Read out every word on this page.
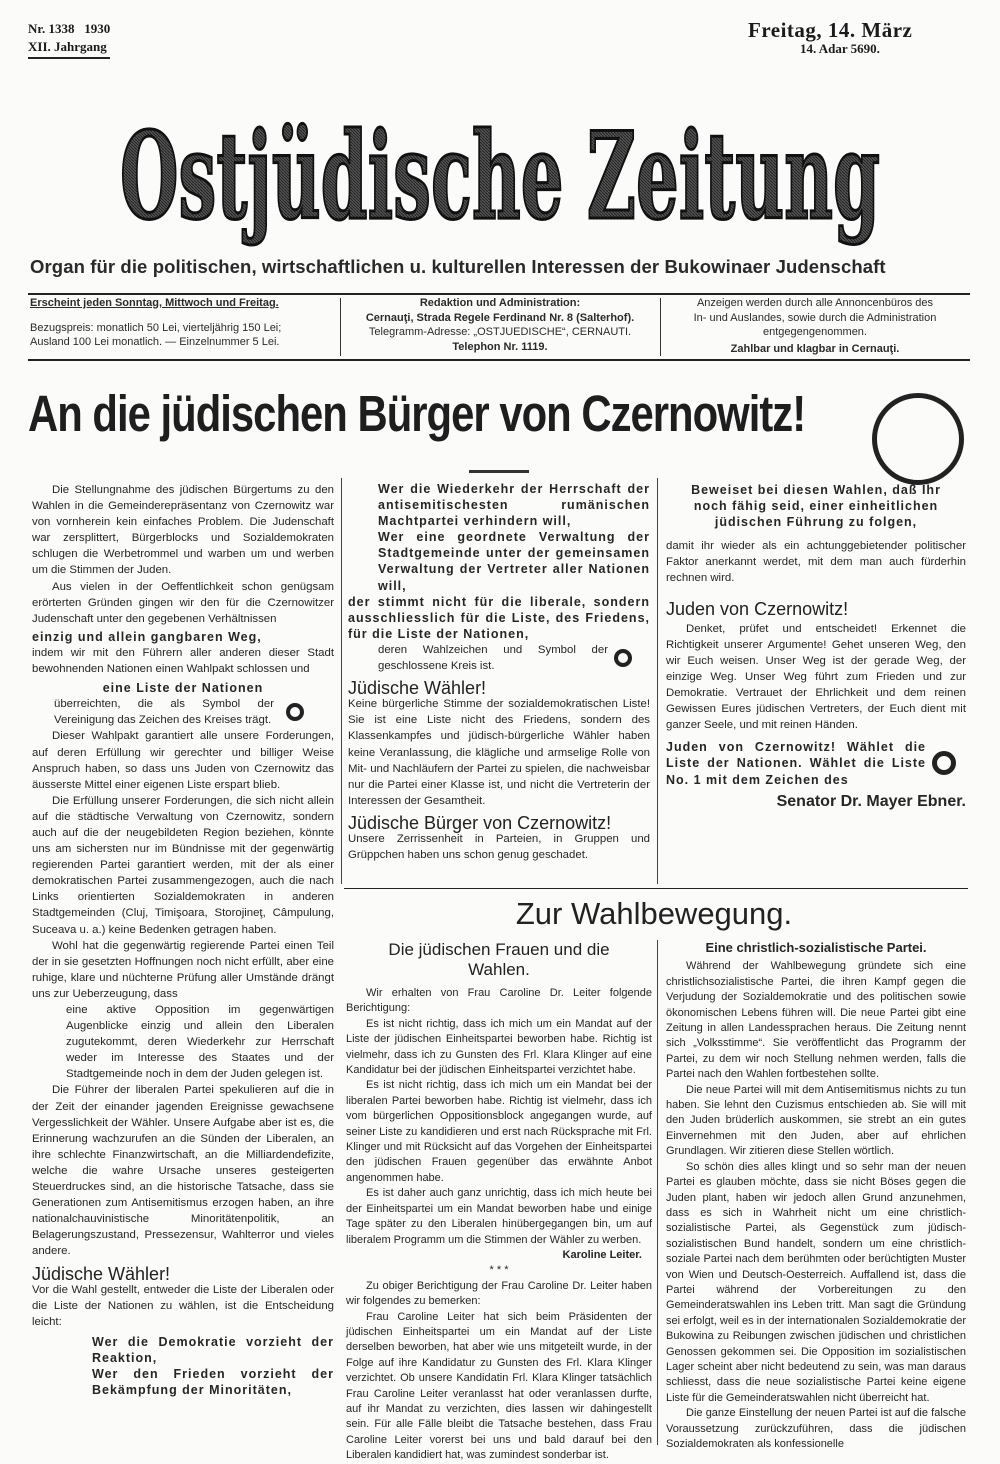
Nr. 1338   1930
XII. Jahrgang
Freitag, 14. März
14. Adar 5690.
Ostjüdische Zeitung
Organ für die politischen, wirtschaftlichen u. kulturellen Interessen der Bukowinaer Judenschaft

Erscheint jeden Sonntag, Mittwoch und Freitag.

Bezugspreis: monatlich 50 Lei, vierteljährig 150 Lei;

Ausland 100 Lei monatlich. — Einzelnummer 5 Lei.

Redaktion und Administration:

Cernauţi, Strada Regele Ferdinand Nr. 8 (Salterhof).

Telegramm-Adresse: „OSTJUEDISCHE“, CERNAUTI.

Telephon Nr. 1119.

Anzeigen werden durch alle Annoncenbüros des

In- und Auslandes, sowie durch die Administration

entgegengenommen.

Zahlbar und klagbar in Cernauţi.

An die jüdischen Bürger von Czernowitz!

Die Stellungnahme des jüdischen Bürgertums zu den Wahlen in die Gemeinderepräsentanz von Czernowitz war von vornherein kein einfaches Problem. Die Judenschaft war zersplittert, Bürgerblocks und Sozialdemokraten schlugen die Werbetrommel und warben um und werben um die Stimmen der Juden.

Aus vielen in der Oeffentlichkeit schon genügsam erörterten Gründen gingen wir den für die Czernowitzer Judenschaft unter den gegebenen Verhältnissen

einzig und allein gangbaren Weg,

indem wir mit den Führern aller anderen dieser Stadt bewohnenden Nationen einen Wahlpakt schlossen und

eine Liste der Nationen

überreichten, die als Symbol der Vereinigung das Zeichen des Kreises trägt.

Dieser Wahlpakt garantiert alle unsere Forderungen, auf deren Erfüllung wir gerechter und billiger Weise Anspruch haben, so dass uns Juden von Czernowitz das äusserste Mittel einer eigenen Liste erspart blieb.

Die Erfüllung unserer Forderungen, die sich nicht allein auf die städtische Verwaltung von Czernowitz, sondern auch auf die der neugebildeten Region beziehen, könnte uns am sichersten nur im Bündnisse mit der gegenwärtig regierenden Partei garantiert werden, mit der als einer demokratischen Partei zusammengezogen, auch die nach Links orientierten Sozialdemokraten in anderen Stadtgemeinden (Cluj, Timişoara, Storojineţ, Câmpulung, Suceava u. a.) keine Bedenken getragen haben.

Wohl hat die gegenwärtig regierende Partei einen Teil der in sie gesetzten Hoffnungen noch nicht erfüllt, aber eine ruhige, klare und nüchterne Prüfung aller Umstände drängt uns zur Ueberzeugung, dass

eine aktive Opposition im gegenwärtigen Augenblicke einzig und allein den Liberalen zugutekommt, deren Wiederkehr zur Herrschaft weder im Interesse des Staates und der Stadtgemeinde noch in dem der Juden gelegen ist.

Die Führer der liberalen Partei spekulieren auf die in der Zeit der einander jagenden Ereignisse gewachsene Vergesslichkeit der Wähler. Unsere Aufgabe aber ist es, die Erinnerung wachzurufen an die Sünden der Liberalen, an ihre schlechte Finanzwirtschaft, an die Milliardendefizite, welche die wahre Ursache unseres gesteigerten Steuerdruckes sind, an die historische Tatsache, dass sie Generationen zum Antisemitismus erzogen haben, an ihre nationalchauvinistische Minoritätenpolitik, an Belagerungszustand, Pressezensur, Wahlterror und vieles andere.

Jüdische Wähler!

Vor die Wahl gestellt, entweder die Liste der Liberalen oder die Liste der Nationen zu wählen, ist die Entscheidung leicht:

Wer die Demokratie vorzieht der Reaktion,

Wer den Frieden vorzieht der Bekämpfung der Minoritäten,

Wer die Wiederkehr der Herrschaft der antisemitischesten rumänischen Machtpartei verhindern will,

Wer eine geordnete Verwaltung der Stadtgemeinde unter der gemeinsamen Verwaltung der Vertreter aller Nationen will,

der stimmt nicht für die liberale, sondern ausschliesslich für die Liste, des Friedens, für die Liste der Nationen,

deren Wahlzeichen und Symbol der geschlossene Kreis ist.

Jüdische Wähler!

Keine bürgerliche Stimme der sozialdemokratischen Liste! Sie ist eine Liste nicht des Friedens, sondern des Klassenkampfes und jüdisch-bürgerliche Wähler haben keine Veranlassung, die klägliche und armselige Rolle von Mit- und Nachläufern der Partei zu spielen, die nachweisbar nur die Partei einer Klasse ist, und nicht die Vertreterin der Interessen der Gesamtheit.

Jüdische Bürger von Czernowitz!

Unsere Zerrissenheit in Parteien, in Gruppen und Grüppchen haben uns schon genug geschadet.

Beweiset bei diesen Wahlen, daß Ihr noch fähig seid, einer einheitlichen jüdischen Führung zu folgen,

damit ihr wieder als ein achtunggebietender politischer Faktor anerkannt werdet, mit dem man auch fürderhin rechnen wird.

Juden von Czernowitz!

Denket, prüfet und entscheidet! Erkennet die Richtigkeit unserer Argumente! Gehet unseren Weg, den wir Euch weisen. Unser Weg ist der gerade Weg, der einzige Weg. Unser Weg führt zum Frieden und zur Demokratie. Vertrauet der Ehrlichkeit und dem reinen Gewissen Eures jüdischen Vertreters, der Euch dient mit ganzer Seele, und mit reinen Händen.

Juden von Czernowitz! Wählet die Liste der Nationen. Wählet die Liste No. 1 mit dem Zeichen des

Senator Dr. Mayer Ebner.
Zur Wahlbewegung.
Die jüdischen Frauen und die Wahlen.

Wir erhalten von Frau Caroline Dr. Leiter folgende Berichtigung:

Es ist nicht richtig, dass ich mich um ein Mandat auf der Liste der jüdischen Einheitspartei beworben habe. Richtig ist vielmehr, dass ich zu Gunsten des Frl. Klara Klinger auf eine Kandidatur bei der jüdischen Einheitspartei verzichtet habe.

Es ist nicht richtig, dass ich mich um ein Mandat bei der liberalen Partei beworben habe. Richtig ist vielmehr, dass ich vom bürgerlichen Oppositionsblock angegangen wurde, auf seiner Liste zu kandidieren und erst nach Rücksprache mit Frl. Klinger und mit Rücksicht auf das Vorgehen der Einheitspartei den jüdischen Frauen gegenüber das erwähnte Anbot angenommen habe.

Es ist daher auch ganz unrichtig, dass ich mich heute bei der Einheitspartei um ein Mandat beworben habe und einige Tage später zu den Liberalen hinübergegangen bin, um auf liberalem Programm um die Stimmen der Wähler zu werben.

Karoline Leiter.
* * *

Zu obiger Berichtigung der Frau Caroline Dr. Leiter haben wir folgendes zu bemerken:

Frau Caroline Leiter hat sich beim Präsidenten der jüdischen Einheitspartei um ein Mandat auf der Liste derselben beworben, hat aber wie uns mitgeteilt wurde, in der Folge auf ihre Kandidatur zu Gunsten des Frl. Klara Klinger verzichtet. Ob unsere Kandidatin Frl. Klara Klinger tatsächlich Frau Caroline Leiter veranlasst hat oder veranlassen durfte, auf ihr Mandat zu verzichten, dies lassen wir dahingestellt sein. Für alle Fälle bleibt die Tatsache bestehen, dass Frau Caroline Leiter vorerst bei uns und bald darauf bei den Liberalen kandidiert hat, was zumindest sonderbar ist.

Eine christlich-sozialistische Partei.

Während der Wahlbewegung gründete sich eine christlichsozialistische Partei, die ihren Kampf gegen die Verjudung der Sozialdemokratie und des politischen sowie ökonomischen Lebens führen will. Die neue Partei gibt eine Zeitung in allen Landessprachen heraus. Die Zeitung nennt sich „Volksstimme“. Sie veröffentlicht das Programm der Partei, zu dem wir noch Stellung nehmen werden, falls die Partei nach den Wahlen fortbestehen sollte.

Die neue Partei will mit dem Antisemitismus nichts zu tun haben. Sie lehnt den Cuzismus entschieden ab. Sie will mit den Juden brüderlich auskommen, sie strebt an ein gutes Einvernehmen mit den Juden, aber auf ehrlichen Grundlagen. Wir zitieren diese Stellen wörtlich.

So schön dies alles klingt und so sehr man der neuen Partei es glauben möchte, dass sie nicht Böses gegen die Juden plant, haben wir jedoch allen Grund anzunehmen, dass es sich in Wahrheit nicht um eine christlich-sozialistische Partei, als Gegenstück zum jüdisch-sozialistischen Bund handelt, sondern um eine christlich-soziale Partei nach dem berühmten oder berüchtigten Muster von Wien und Deutsch-Oesterreich. Auffallend ist, dass die Partei während der Vorbereitungen zu den Gemeinderatswahlen ins Leben tritt. Man sagt die Gründung sei erfolgt, weil es in der internationalen Sozialdemokratie der Bukowina zu Reibungen zwischen jüdischen und christlichen Genossen gekommen sei. Die Opposition im sozialistischen Lager scheint aber nicht bedeutend zu sein, was man daraus schliesst, dass die neue sozialistische Partei keine eigene Liste für die Gemeinderatswahlen nicht überreicht hat.

Die ganze Einstellung der neuen Partei ist auf die falsche Voraussetzung zurückzuführen, dass die jüdischen Sozialdemokraten als konfessionelle
